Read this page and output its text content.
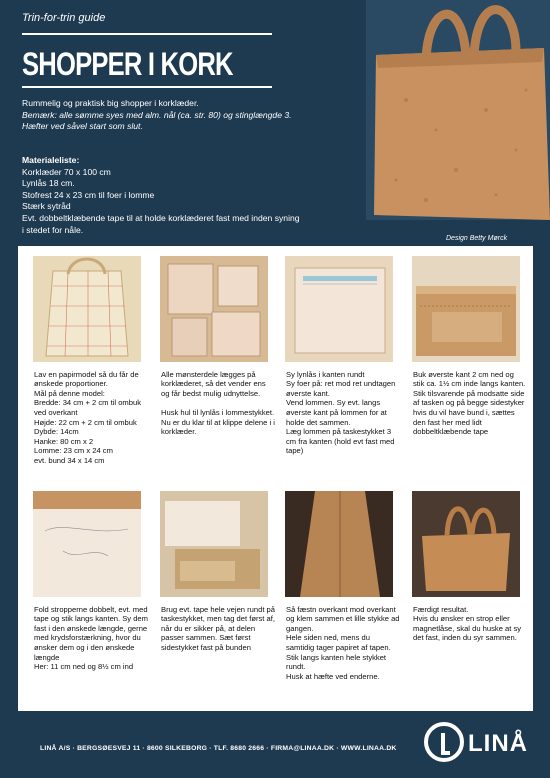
Trin-for-trin guide
SHOPPER I KORK
Rummelig og praktisk big shopper i korklæder.
Bemærk: alle sømme syes med alm. nål (ca. str. 80) og stinglængde 3.
Hæfter ved såvel start som slut.
Materialeliste:
Korklæder 70 x 100 cm
Lynlås 18 cm.
Stofrest 24 x 23 cm til foer i lomme
Stærk sytråd
Evt. dobbeltklæbende tape til at holde korklæderet fast med inden syning
i stedet for nåle.
Design Betty Mørck
Lav en papirmodel så du får de ønskede proportioner.
Mål på denne model:
Bredde: 34 cm + 2 cm til ombuk ved overkant
Højde: 22 cm + 2 cm til ombuk
Dybde: 14cm
Hanke: 80 cm x 2
Lomme: 23 cm x 24 cm
evt. bund 34 x 14 cm
Alle mønsterdele lægges på korklæderet, så det vender ens og får bedst mulig udnyttelse.

Husk hul til lynlås i lommestykket. Nu er du klar til at klippe delene i i korklæder.
Sy lynlås i kanten rundt
Sy foer på: ret mod ret undtagen øverste kant.
Vend lommen. Sy evt. langs øverste kant på lommen for at holde det sammen.
Læg lommen på taskestykket 3 cm fra kanten (hold evt fast med tape)
Buk øverste kant 2 cm ned og stik ca. 1½ cm inde langs kanten.
Stik tilsvarende på modsatte side af tasken og på begge sidestyker
hvis du vil have bund i, sættes den fast her med lidt dobbeltklæbende tape
Fold stropperne dobbelt, evt. med tape og stik langs kanten. Sy dem fast i den ønskede længde, gerne med krydsforstærkning, hvor du ønsker dem og i den ønskede længde
Her: 11 cm ned og 8½ cm ind
Brug evt. tape hele vejen rundt på taskestykket, men tag det først af, når du er sikker på, at delen passer sammen. Sæt først sidestykket fast på bunden
Så fæstn overkant mod overkant og klem sammen et lille stykke ad gangen.
Hele siden ned, mens du samtidig tager papiret af tapen. Stik langs kanten hele stykket rundt.
Husk at hæfte ved enderne.
Færdigt resultat.
Hvis du ønsker en strop eller magnetlåse, skal du huske at sy det fast, inden du syr sammen.
LINÅ A/S · BERGSØESVEJ 11 · 8600 SILKEBORG · TLF. 8680 2666 · FIRMA@LINAA.DK · WWW.LINAA.DK	LINÅ
